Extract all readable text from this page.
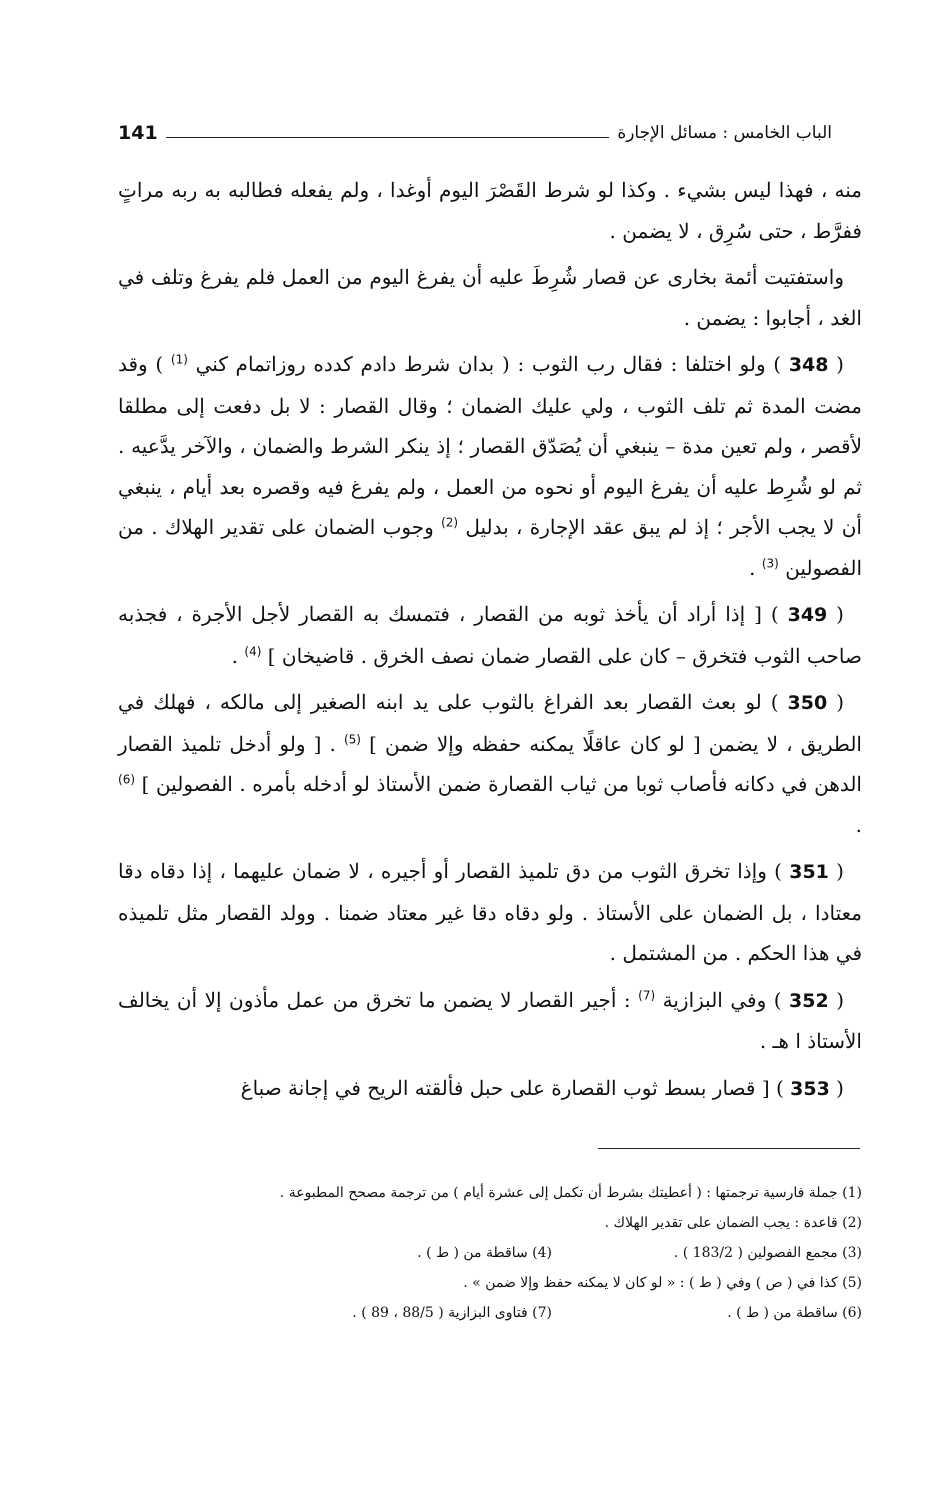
الباب الخامس : مسائل الإجارة
141

منه ، فهذا ليس بشيء . وكذا لو شرط القَصْرَ اليوم أوغدا ، ولم يفعله فطالبه به ربه مراتٍ ففرَّط ، حتى سُرِق ، لا يضمن .

واستفتيت أئمة بخارى عن قصار شُرِطَ عليه أن يفرغ اليوم من العمل فلم يفرغ وتلف في الغد ، أجابوا : يضمن .

( 348 ) ولو اختلفا : فقال رب الثوب : ( بدان شرط دادم كدده روزاتمام كني $^{(1)}$ ) وقد مضت المدة ثم تلف الثوب ، ولي عليك الضمان ؛ وقال القصار : لا بل دفعت إلى مطلقا لأقصر ، ولم تعين مدة – ينبغي أن يُصَدّق القصار ؛ إذ ينكر الشرط والضمان ، والآخر يدَّعيه . ثم لو شُرِط عليه أن يفرغ اليوم أو نحوه من العمل ، ولم يفرغ فيه وقصره بعد أيام ، ينبغي أن لا يجب الأجر ؛ إذ لم يبق عقد الإجارة ، بدليل $^{(2)}$ وجوب الضمان على تقدير الهلاك . من الفصولين $^{(3)}$ .

( 349 ) [ إذا أراد أن يأخذ ثوبه من القصار ، فتمسك به القصار لأجل الأجرة ، فجذبه صاحب الثوب فتخرق – كان على القصار ضمان نصف الخرق . قاضيخان ] $^{(4)}$ .

( 350 ) لو بعث القصار بعد الفراغ بالثوب على يد ابنه الصغير إلى مالكه ، فهلك في الطريق ، لا يضمن [ لو كان عاقلًا يمكنه حفظه وإلا ضمن ] $^{(5)}$ . [ ولو أدخل تلميذ القصار الدهن في دكانه فأصاب ثوبا من ثياب القصارة ضمن الأستاذ لو أدخله بأمره . الفصولين ] $^{(6)}$ .

( 351 ) وإذا تخرق الثوب من دق تلميذ القصار أو أجيره ، لا ضمان عليهما ، إذا دقاه دقا معتادا ، بل الضمان على الأستاذ . ولو دقاه دقا غير معتاد ضمنا . وولد القصار مثل تلميذه في هذا الحكم . من المشتمل .

( 352 ) وفي البزازية $^{(7)}$ : أجير القصار لا يضمن ما تخرق من عمل مأذون إلا أن يخالف الأستاذ ا هـ .

( 353 ) [ قصار بسط ثوب القصارة على حبل فألقته الريح في إجانة صباغ

(1) جملة فارسية ترجمتها : ( أعطيتك بشرط أن تكمل إلى عشرة أيام ) من ترجمة مصحح المطبوعة .
(2) قاعدة : يجب الضمان على تقدير الهلاك .
(3) مجمع الفصولين ( 183/2 ) .
(4) ساقطة من ( ط ) .
(5) كذا في ( ص ) وفي ( ط ) : « لو كان لا يمكنه حفظ وإلا ضمن » .
(6) ساقطة من ( ط ) .
(7) فتاوى البزازية ( 88/5 ، 89 ) .
